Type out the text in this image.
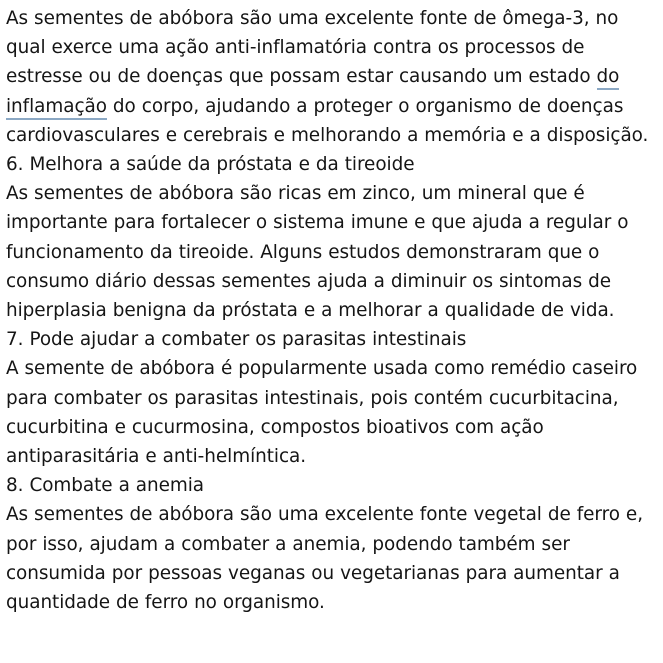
As sementes de abóbora são uma excelente fonte de ômega-3, no qual exerce uma ação anti-inflamatória contra os processos de estresse ou de doenças que possam estar causando um estado do inflamação do corpo, ajudando a proteger o organismo de doenças cardiovasculares e cerebrais e melhorando a memória e a disposição.

6. Melhora a saúde da próstata e da tireoide

As sementes de abóbora são ricas em zinco, um mineral que é importante para fortalecer o sistema imune e que ajuda a regular o funcionamento da tireoide. Alguns estudos demonstraram que o consumo diário dessas sementes ajuda a diminuir os sintomas de hiperplasia benigna da próstata e a melhorar a qualidade de vida.

7. Pode ajudar a combater os parasitas intestinais

A semente de abóbora é popularmente usada como remédio caseiro para combater os parasitas intestinais, pois contém cucurbitacina, cucurbitina e cucurmosina, compostos bioativos com ação antiparasitária e anti-helmíntica.

8. Combate a anemia

As sementes de abóbora são uma excelente fonte vegetal de ferro e, por isso, ajudam a combater a anemia, podendo também ser consumida por pessoas veganas ou vegetarianas para aumentar a quantidade de ferro no organismo.
